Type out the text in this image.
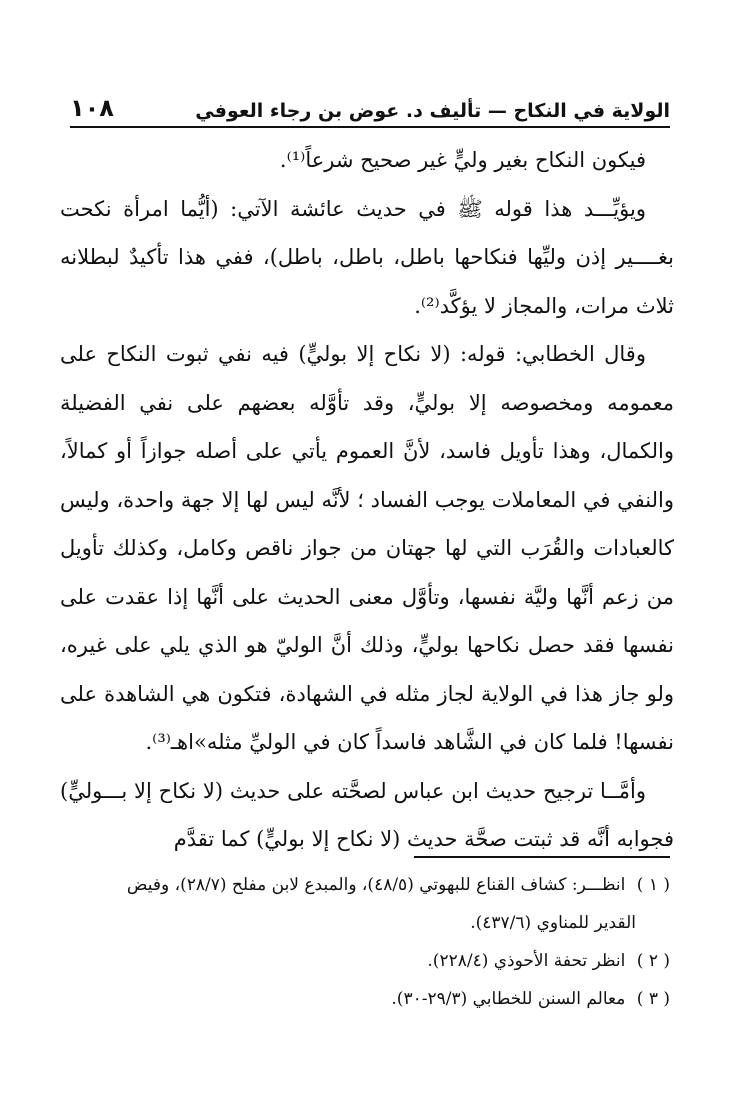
الولاية في النكاح — تأليف د. عوض بن رجاء العوفي
١٠٨

فيكون النكاح بغير وليٍّ غير صحيح شرعاً⁽¹⁾.

ويؤيِّـــد هذا قوله ﷺ في حديث عائشة الآتي: (أيُّما امرأة نكحت بغــــير إذن وليِّها فنكاحها باطل، باطل، باطل)، ففي هذا تأكيدٌ لبطلانه ثلاث مرات، والمجاز لا يؤكَّد⁽²⁾.

وقال الخطابي: قوله: (لا نكاح إلا بوليٍّ) فيه نفي ثبوت النكاح على معمومه ومخصوصه إلا بوليٍّ، وقد تأوَّله بعضهم على نفي الفضيلة والكمال، وهذا تأويل فاسد، لأنَّ العموم يأتي على أصله جوازاً أو كمالاً، والنفي في المعاملات يوجب الفساد ؛ لأنَّه ليس لها إلا جهة واحدة، وليس كالعبادات والقُرَب التي لها جهتان من جواز ناقص وكامل، وكذلك تأويل من زعم أنَّها وليَّة نفسها، وتأوَّل معنى الحديث على أنَّها إذا عقدت على نفسها فقد حصل نكاحها بوليٍّ، وذلك أنَّ الوليّ هو الذي يلي على غيره، ولو جاز هذا في الولاية لجاز مثله في الشهادة، فتكون هي الشاهدة على نفسها! فلما كان في الشَّاهد فاسداً كان في الوليِّ مثله»اهـ⁽³⁾.

وأمَّــا ترجيح حديث ابن عباس لصحَّته على حديث (لا نكاح إلا بـــوليٍّ) فجوابه أنَّه قد ثبتت صحَّة حديث (لا نكاح إلا بوليٍّ) كما تقدَّم

( ١ ) انظـــر: كشاف القناع للبهوتي (٤٨/٥)، والمبدع لابن مفلح (٢٨/٧)، وفيض

القدير للمناوي (٤٣٧/٦).

( ٢ ) انظر تحفة الأحوذي (٢٢٨/٤).

( ٣ ) معالم السنن للخطابي (٢٩/٣-٣٠).
